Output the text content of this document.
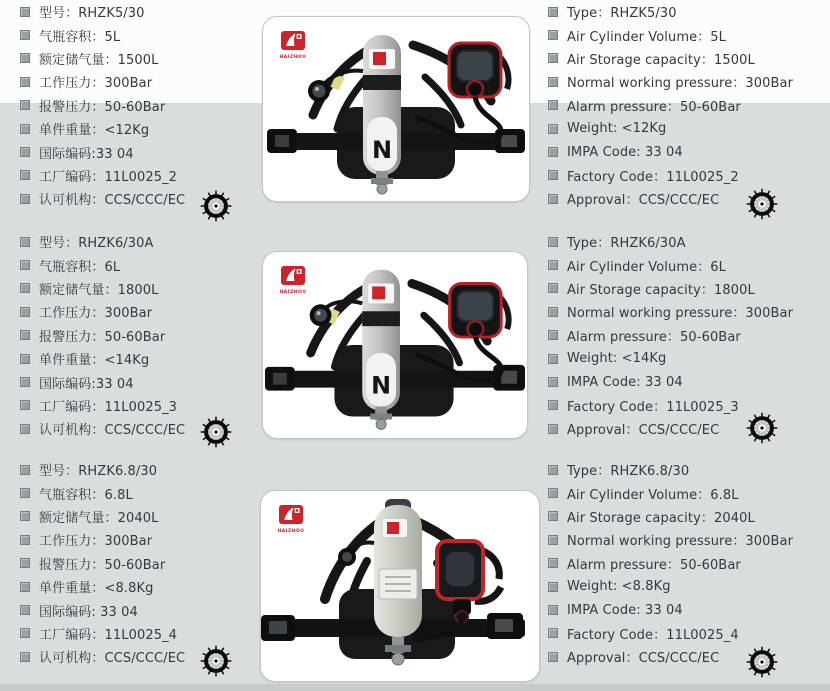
型号：RHZK5/30
气瓶容积：5L
额定储气量：1500L
工作压力：300Bar
报警压力：50-60Bar
单件重量：<12Kg
国际编码:33 04
工厂编码：11L0025_2
认可机构：CCS/CCC/EC
HAIZHOU
N
Type：RHZK5/30
Air Cylinder Volume：5L
Air Storage capacity：1500L
Normal working pressure：300Bar
Alarm pressure：50-60Bar
Weight: <12Kg
IMPA Code: 33 04
Factory Code：11L0025_2
Approval：CCS/CCC/EC
型号：RHZK6/30A
气瓶容积：6L
额定储气量：1800L
工作压力：300Bar
报警压力：50-60Bar
单件重量：<14Kg
国际编码:33 04
工厂编码：11L0025_3
认可机构：CCS/CCC/EC
HAIZHOU
N
Type：RHZK6/30A
Air Cylinder Volume：6L
Air Storage capacity：1800L
Normal working pressure：300Bar
Alarm pressure：50-60Bar
Weight: <14Kg
IMPA Code: 33 04
Factory Code：11L0025_3
Approval：CCS/CCC/EC
型号：RHZK6.8/30
气瓶容积：6.8L
额定储气量：2040L
工作压力：300Bar
报警压力：50-60Bar
单件重量：<8.8Kg
国际编码: 33 04
工厂编码：11L0025_4
认可机构：CCS/CCC/EC
HAIZHOU
Type：RHZK6.8/30
Air Cylinder Volume：6.8L
Air Storage capacity：2040L
Normal working pressure：300Bar
Alarm pressure：50-60Bar
Weight: <8.8Kg
IMPA Code: 33 04
Factory Code：11L0025_4
Approval：CCS/CCC/EC
